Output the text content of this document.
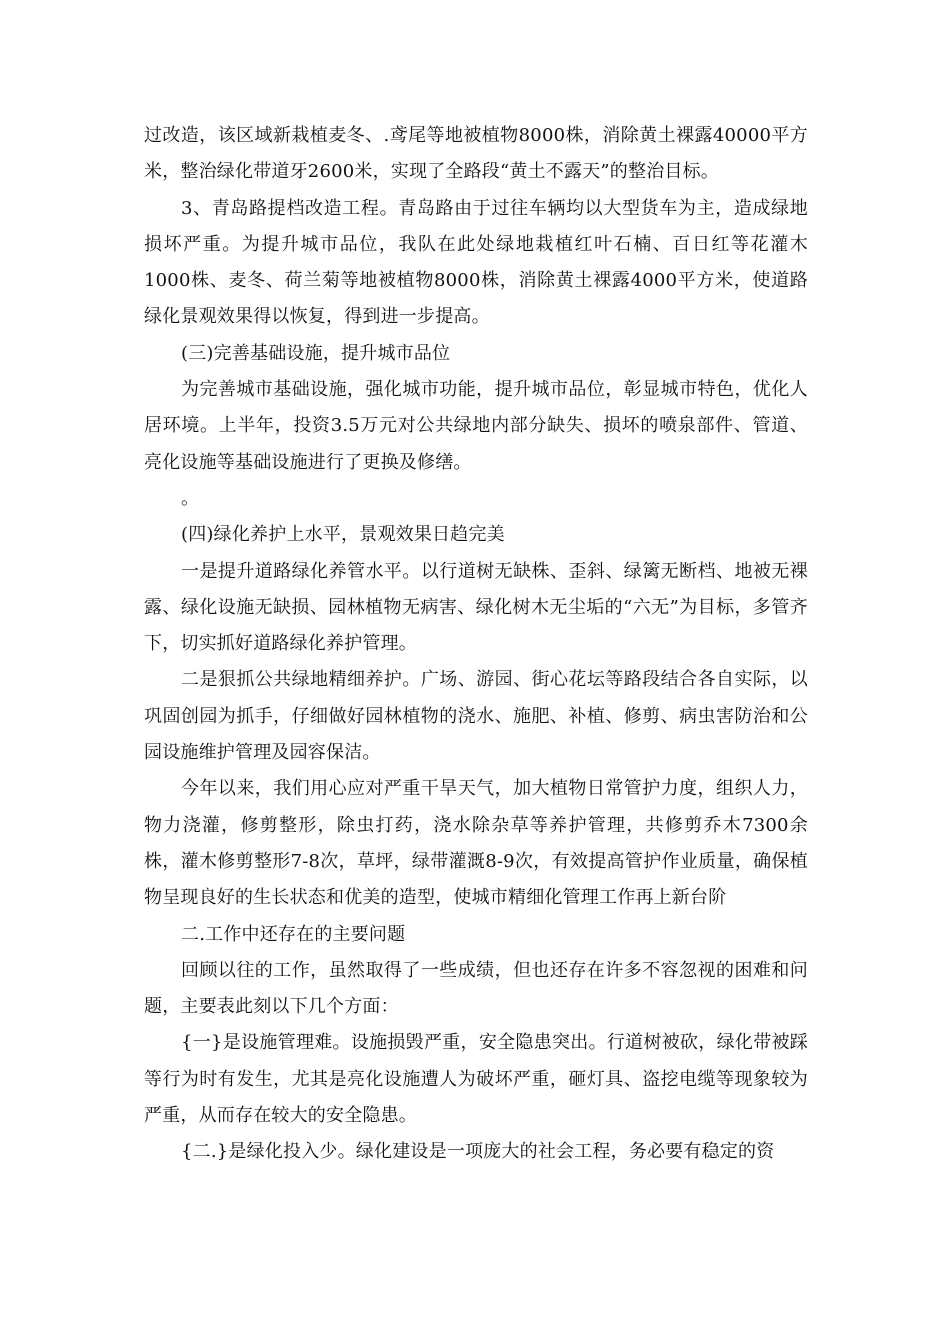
过改造，该区域新栽植麦冬、.鸢尾等地被植物8000株，消除黄土裸露40000平方米，整治绿化带道牙2600米，实现了全路段“黄土不露天”的整治目标。

3、青岛路提档改造工程。青岛路由于过往车辆均以大型货车为主，造成绿地损坏严重。为提升城市品位，我队在此处绿地栽植红叶石楠、百日红等花灌木1000株、麦冬、荷兰菊等地被植物8000株，消除黄土裸露4000平方米，使道路绿化景观效果得以恢复，得到进一步提高。

(三)完善基础设施，提升城市品位

为完善城市基础设施，强化城市功能，提升城市品位，彰显城市特色，优化人居环境。上半年，投资3.5万元对公共绿地内部分缺失、损坏的喷泉部件、管道、亮化设施等基础设施进行了更换及修缮。

。

(四)绿化养护上水平，景观效果日趋完美

一是提升道路绿化养管水平。以行道树无缺株、歪斜、绿篱无断档、地被无裸露、绿化设施无缺损、园林植物无病害、绿化树木无尘垢的“六无”为目标，多管齐下，切实抓好道路绿化养护管理。

二是狠抓公共绿地精细养护。广场、游园、街心花坛等路段结合各自实际，以巩固创园为抓手，仔细做好园林植物的浇水、施肥、补植、修剪、病虫害防治和公园设施维护管理及园容保洁。

今年以来，我们用心应对严重干旱天气，加大植物日常管护力度，组织人力，物力浇灌，修剪整形，除虫打药，浇水除杂草等养护管理，共修剪乔木7300余株，灌木修剪整形7-8次，草坪，绿带灌溉8-9次，有效提高管护作业质量，确保植物呈现良好的生长状态和优美的造型，使城市精细化管理工作再上新台阶

二.工作中还存在的主要问题

回顾以往的工作，虽然取得了一些成绩，但也还存在许多不容忽视的困难和问题，主要表此刻以下几个方面：

{一}是设施管理难。设施损毁严重，安全隐患突出。行道树被砍，绿化带被踩等行为时有发生，尤其是亮化设施遭人为破坏严重，砸灯具、盗挖电缆等现象较为严重，从而存在较大的安全隐患。

{二.}是绿化投入少。绿化建设是一项庞大的社会工程，务必要有稳定的资
